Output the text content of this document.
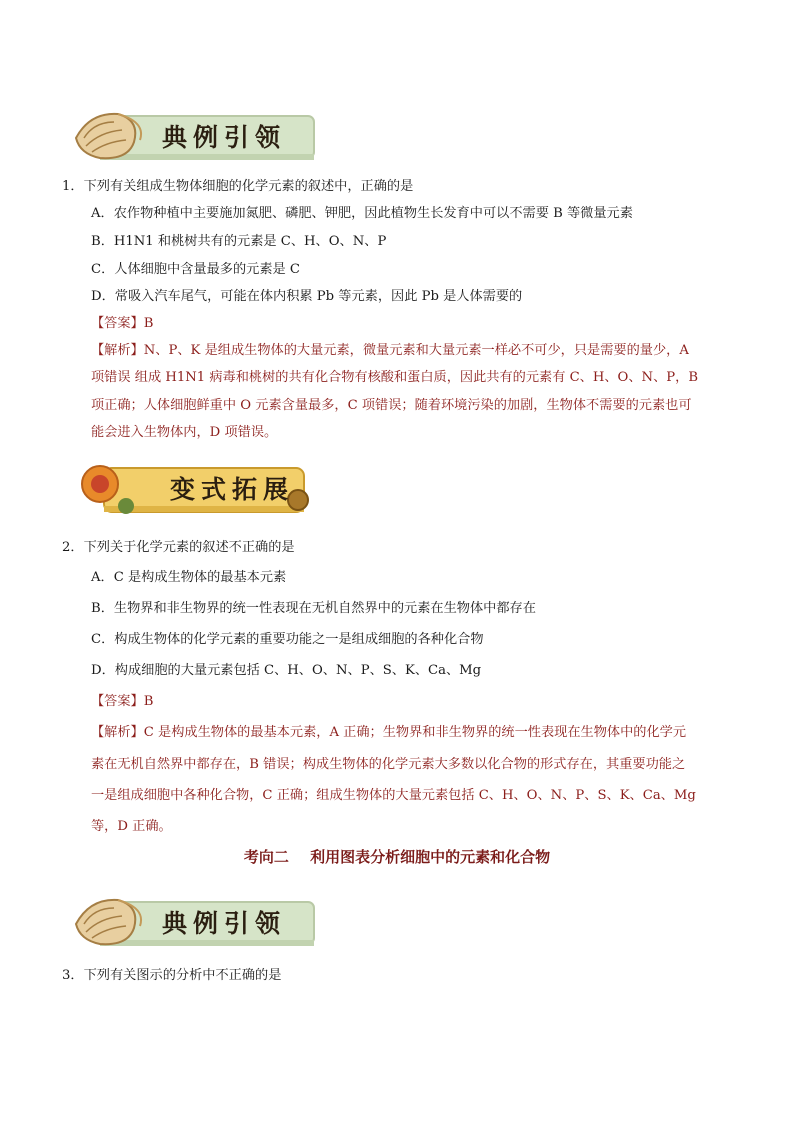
典例引领
1．下列有关组成生物体细胞的化学元素的叙述中，正确的是
A．农作物种植中主要施加氮肥、磷肥、钾肥，因此植物生长发育中可以不需要 B 等微量元素
B．H1N1 和桃树共有的元素是 C、H、O、N、P
C．人体细胞中含量最多的元素是 C
D．常吸入汽车尾气，可能在体内积累 Pb 等元素，因此 Pb 是人体需要的
【答案】B
【解析】N、P、K 是组成生物体的大量元素，微量元素和大量元素一样必不可少，只是需要的量少，A
项错误 组成 H1N1 病毒和桃树的共有化合物有核酸和蛋白质，因此共有的元素有 C、H、O、N、P，B
项正确；人体细胞鲜重中 O 元素含量最多，C 项错误；随着环境污染的加剧，生物体不需要的元素也可
能会进入生物体内，D 项错误。
变式拓展
2．下列关于化学元素的叙述不正确的是
A．C 是构成生物体的最基本元素
B．生物界和非生物界的统一性表现在无机自然界中的元素在生物体中都存在
C．构成生物体的化学元素的重要功能之一是组成细胞的各种化合物
D．构成细胞的大量元素包括 C、H、O、N、P、S、K、Ca、Mg
【答案】B
【解析】C 是构成生物体的最基本元素，A 正确；生物界和非生物界的统一性表现在生物体中的化学元
素在无机自然界中都存在，B 错误；构成生物体的化学元素大多数以化合物的形式存在，其重要功能之
一是组成细胞中各种化合物，C 正确；组成生物体的大量元素包括 C、H、O、N、P、S、K、Ca、Mg
等，D 正确。
考向二 利用图表分析细胞中的元素和化合物
典例引领
3．下列有关图示的分析中不正确的是
